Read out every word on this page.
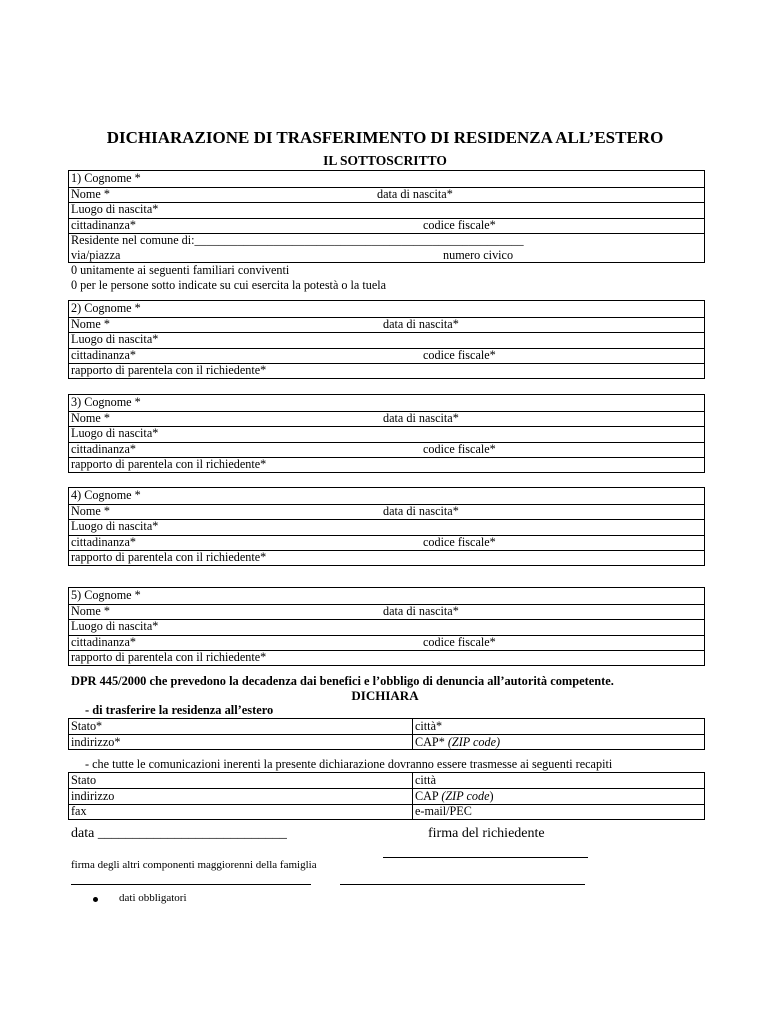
DICHIARAZIONE DI TRASFERIMENTO DI RESIDENZA ALL’ESTERO
IL SOTTOSCRITTO
1) Cognome *
Nome *	data di nascita*
Luogo di nascita*
cittadinanza*	codice fiscale*
Residente nel comune di:______________________________________________________
via/piazza	numero civico
0 unitamente ai seguenti familiari conviventi
0 per le persone sotto indicate su cui esercita la potestà o la tuela
2) Cognome *
Nome *	data di nascita*
Luogo di nascita*
cittadinanza*	codice fiscale*
rapporto di parentela con il richiedente*
3) Cognome *
Nome *	data di nascita*
Luogo di nascita*
cittadinanza*	codice fiscale*
rapporto di parentela con il richiedente*
4) Cognome *
Nome *	data di nascita*
Luogo di nascita*
cittadinanza*	codice fiscale*
rapporto di parentela con il richiedente*
5) Cognome *
Nome *	data di nascita*
Luogo di nascita*
cittadinanza*	codice fiscale*
rapporto di parentela con il richiedente*
DPR 445/2000 che prevedono la decadenza dai benefici e l’obbligo di denuncia all’autorità competente.
DICHIARA
- di trasferire la residenza all’estero
Stato*	città*
indirizzo*	CAP* (ZIP code)
- che tutte le comunicazioni inerenti la presente dichiarazione dovranno essere trasmesse ai seguenti recapiti
Stato	città
indirizzo	CAP (ZIP code)
fax	e-mail/PEC
data ___________________________	firma del richiedente
firma degli altri componenti maggiorenni della famiglia
dati obbligatori
